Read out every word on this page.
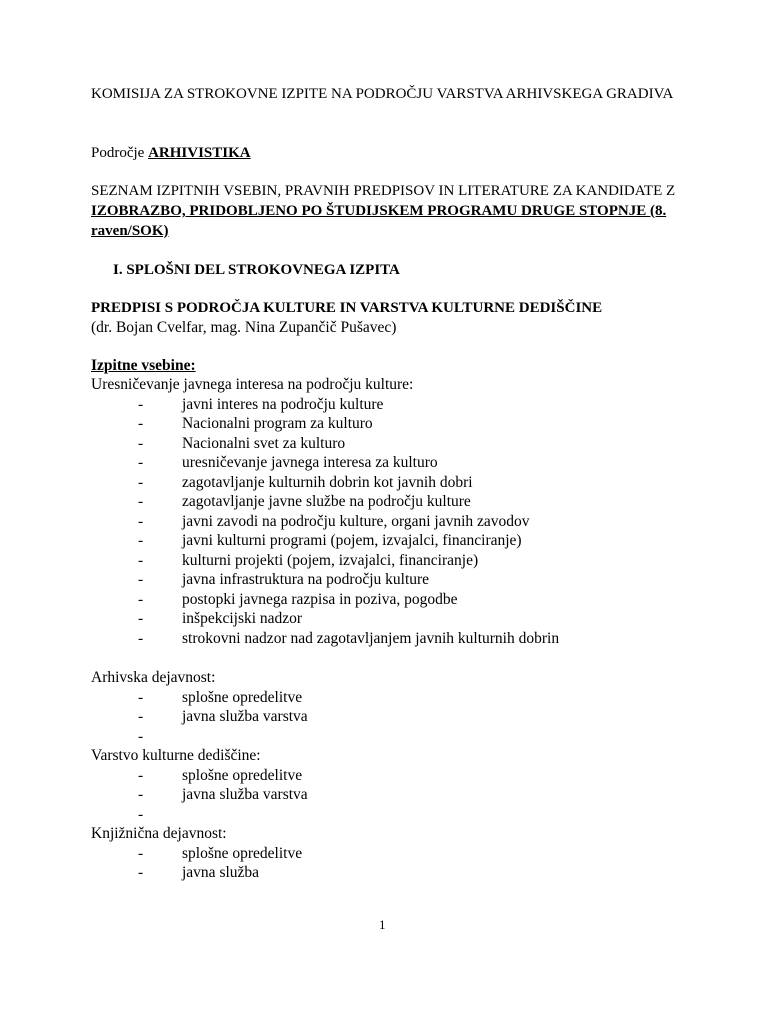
KOMISIJA ZA STROKOVNE IZPITE NA PODROČJU VARSTVA ARHIVSKEGA GRADIVA

Področje ARHIVISTIKA

SEZNAM IZPITNIH VSEBIN, PRAVNIH PREDPISOV IN LITERATURE ZA KANDIDATE Z IZOBRAZBO, PRIDOBLJENO PO ŠTUDIJSKEM PROGRAMU DRUGE STOPNJE (8. raven/SOK)

I. SPLOŠNI DEL STROKOVNEGA IZPITA

PREDPISI S PODROČJA KULTURE IN VARSTVA KULTURNE DEDIŠČINE

(dr. Bojan Cvelfar, mag. Nina Zupančič Pušavec)

Izpitne vsebine:

Uresničevanje javnega interesa na področju kulture:
-	javni interes na področju kulture
-	Nacionalni program za kulturo
-	Nacionalni svet za kulturo
-	uresničevanje javnega interesa za kulturo
-	zagotavljanje kulturnih dobrin kot javnih dobri
-	zagotavljanje javne službe na področju kulture
-	javni zavodi na področju kulture, organi javnih zavodov
-	javni kulturni programi (pojem, izvajalci, financiranje)
-	kulturni projekti (pojem, izvajalci, financiranje)
-	javna infrastruktura na področju kulture
-	postopki javnega razpisa in poziva, pogodbe
-	inšpekcijski nadzor
-	strokovni nadzor nad zagotavljanjem javnih kulturnih dobrin
Arhivska dejavnost:
-	splošne opredelitve
-	javna služba varstva
-
Varstvo kulturne dediščine:
-	splošne opredelitve
-	javna služba varstva
-
Knjižnična dejavnost:
-	splošne opredelitve
-	javna služba
1
